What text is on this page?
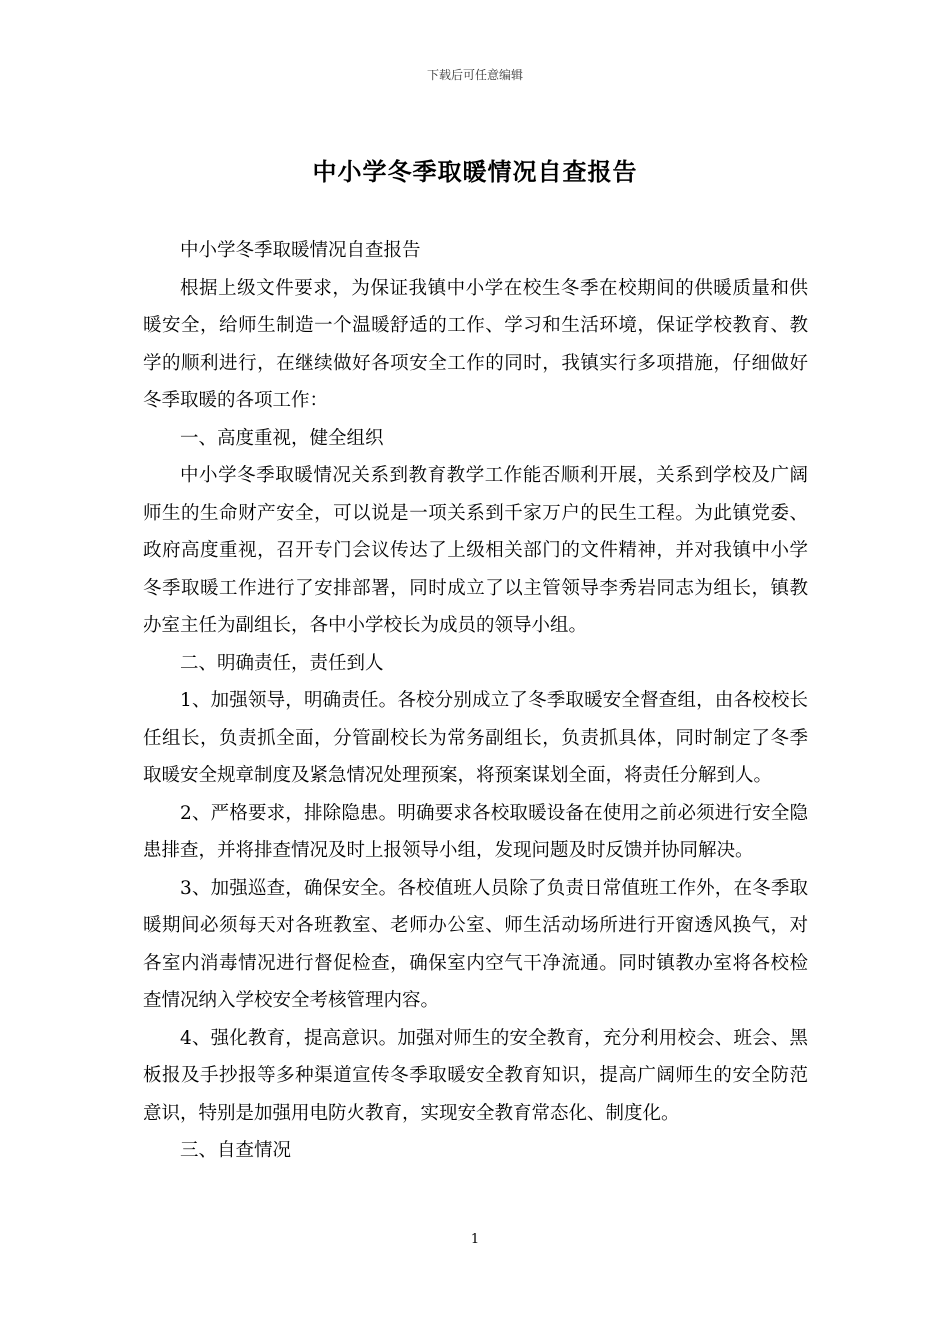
下载后可任意编辑
中小学冬季取暖情况自查报告

中小学冬季取暖情况自查报告

根据上级文件要求，为保证我镇中小学在校生冬季在校期间的供暖质量和供暖安全，给师生制造一个温暖舒适的工作、学习和生活环境，保证学校教育、教学的顺利进行，在继续做好各项安全工作的同时，我镇实行多项措施，仔细做好冬季取暖的各项工作：

一、高度重视，健全组织

中小学冬季取暖情况关系到教育教学工作能否顺利开展，关系到学校及广阔师生的生命财产安全，可以说是一项关系到千家万户的民生工程。为此镇党委、政府高度重视，召开专门会议传达了上级相关部门的文件精神，并对我镇中小学冬季取暖工作进行了安排部署，同时成立了以主管领导李秀岩同志为组长，镇教办室主任为副组长，各中小学校长为成员的领导小组。

二、明确责任，责任到人

1、加强领导，明确责任。各校分别成立了冬季取暖安全督查组，由各校校长任组长，负责抓全面，分管副校长为常务副组长，负责抓具体，同时制定了冬季取暖安全规章制度及紧急情况处理预案，将预案谋划全面，将责任分解到人。

2、严格要求，排除隐患。明确要求各校取暖设备在使用之前必须进行安全隐患排查，并将排查情况及时上报领导小组，发现问题及时反馈并协同解决。

3、加强巡查，确保安全。各校值班人员除了负责日常值班工作外，在冬季取暖期间必须每天对各班教室、老师办公室、师生活动场所进行开窗透风换气，对各室内消毒情况进行督促检查，确保室内空气干净流通。同时镇教办室将各校检查情况纳入学校安全考核管理内容。

4、强化教育，提高意识。加强对师生的安全教育，充分利用校会、班会、黑板报及手抄报等多种渠道宣传冬季取暖安全教育知识，提高广阔师生的安全防范意识，特别是加强用电防火教育，实现安全教育常态化、制度化。

三、自查情况

1
